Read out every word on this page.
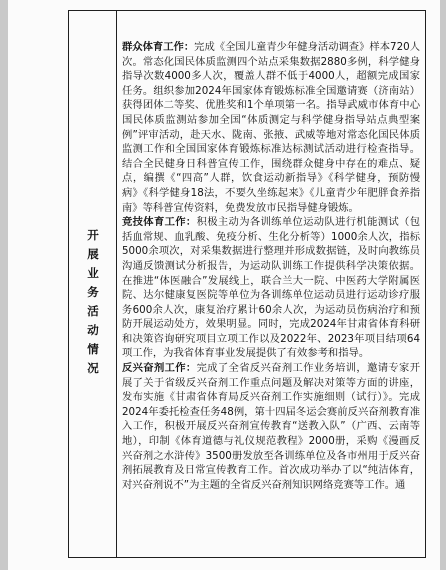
开
展
业
务
活
动
情
况

群众体育工作：完成《全国儿童青少年健身活动调查》样本720人次。常态化国民体质监测四个站点采集数据2880多例，科学健身指导次数4000多人次，覆盖人群不低于4000人，超额完成国家任务。组织参加2024年国家体育锻炼标准全国邀请赛（济南站）获得团体二等奖、优胜奖和1个单项第一名。指导武威市体育中心国民体质监测站参加全国“体质测定与科学健身指导站点典型案例”评审活动，赴天水、陇南、张掖、武威等地对常态化国民体质监测工作和全国国家体育锻炼标准达标测试活动进行检查指导。结合全民健身日科普宣传工作，围绕群众健身中存在的难点、疑点，编撰《“四高”人群，饮食运动新指导》《科学健身，预防慢病》《科学健身18法，不要久坐练起来》《儿童青少年肥胖食养指南》等科普宣传资料，免费发放市民指导健身锻炼。

竞技体育工作：积极主动为各训练单位运动队进行机能测试（包括血常规、血乳酸、免疫分析、生化分析等）1000余人次，指标5000余项次，对采集数据进行整理并形成数据链，及时向教练员沟通反馈测试分析报告，为运动队训练工作提供科学决策依据。在推进“体医融合”发展线上，联合兰大一院、中医药大学附属医院、达尔健康复医院等单位为各训练单位运动员进行运动诊疗服务600余人次，康复治疗累计60余人次，为运动员伤病治疗和预防开展运动处方，效果明显。同时，完成2024年甘肃省体育科研和决策咨询研究项目立项工作以及2022年、2023年项目结项64项工作，为我省体育事业发展提供了有效参考和指导。

反兴奋剂工作：完成了全省反兴奋剂工作业务培训，邀请专家开展了关于省级反兴奋剂工作重点问题及解决对策等方面的讲座，发布实施《甘肃省体育局反兴奋剂工作实施细则（试行）》。完成2024年委托检查任务48例，第十四届冬运会赛前反兴奋剂教育准入工作，积极开展反兴奋剂宣传教育“送教入队”（广西、云南等地），印制《体育道德与礼仪规范教程》2000册，采购《漫画反兴奋剂之水浒传》3500册发放至各训练单位及各市州用于反兴奋剂拓展教育及日常宣传教育工作。首次成功举办了以“纯洁体育，对兴奋剂说不”为主题的全省反兴奋剂知识网络竞赛等工作。通
